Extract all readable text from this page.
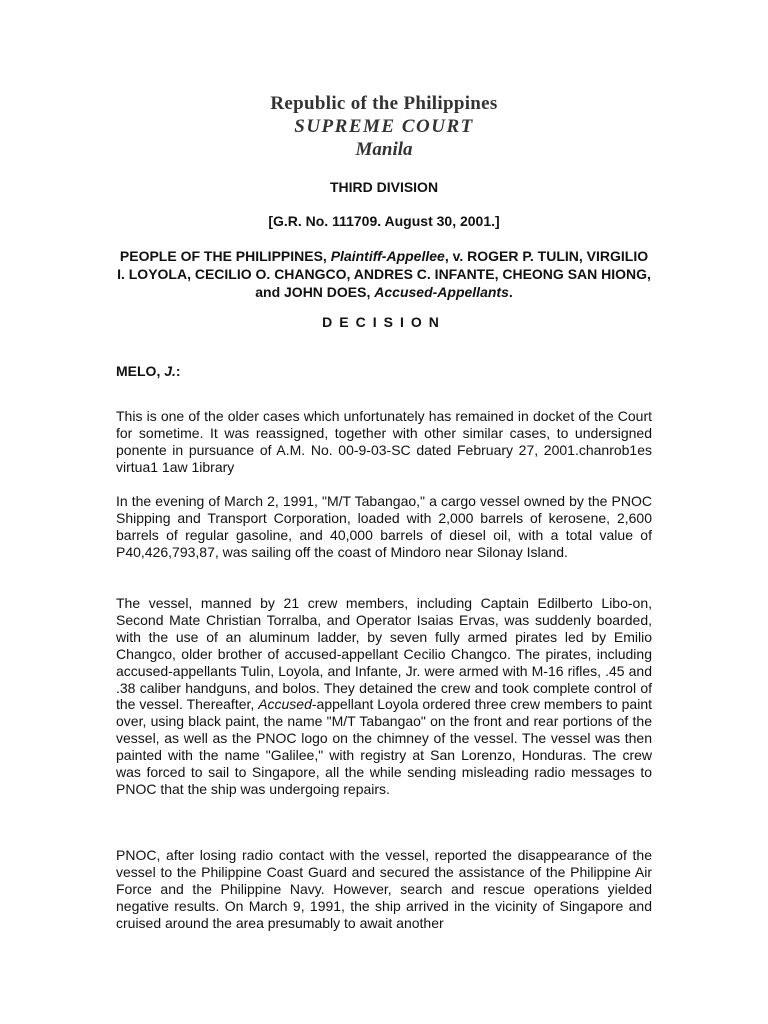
Republic of the Philippines
SUPREME COURT
Manila
THIRD DIVISION
[G.R. No. 111709. August 30, 2001.]
PEOPLE OF THE PHILIPPINES, Plaintiff-Appellee, v. ROGER P. TULIN, VIRGILIO I. LOYOLA, CECILIO O. CHANGCO, ANDRES C. INFANTE, CHEONG SAN HIONG, and JOHN DOES, Accused-Appellants.
DECISION
MELO, J.:
This is one of the older cases which unfortunately has remained in docket of the Court for sometime. It was reassigned, together with other similar cases, to undersigned ponente in pursuance of A.M. No. 00-9-03-SC dated February 27, 2001.chanrob1es virtua1 1aw 1ibrary
In the evening of March 2, 1991, "M/T Tabangao," a cargo vessel owned by the PNOC Shipping and Transport Corporation, loaded with 2,000 barrels of kerosene, 2,600 barrels of regular gasoline, and 40,000 barrels of diesel oil, with a total value of P40,426,793,87, was sailing off the coast of Mindoro near Silonay Island.
The vessel, manned by 21 crew members, including Captain Edilberto Libo-on, Second Mate Christian Torralba, and Operator Isaias Ervas, was suddenly boarded, with the use of an aluminum ladder, by seven fully armed pirates led by Emilio Changco, older brother of accused-appellant Cecilio Changco. The pirates, including accused-appellants Tulin, Loyola, and Infante, Jr. were armed with M-16 rifles, .45 and .38 caliber handguns, and bolos. They detained the crew and took complete control of the vessel. Thereafter, Accused-appellant Loyola ordered three crew members to paint over, using black paint, the name "M/T Tabangao" on the front and rear portions of the vessel, as well as the PNOC logo on the chimney of the vessel. The vessel was then painted with the name "Galilee," with registry at San Lorenzo, Honduras. The crew was forced to sail to Singapore, all the while sending misleading radio messages to PNOC that the ship was undergoing repairs.
PNOC, after losing radio contact with the vessel, reported the disappearance of the vessel to the Philippine Coast Guard and secured the assistance of the Philippine Air Force and the Philippine Navy. However, search and rescue operations yielded negative results. On March 9, 1991, the ship arrived in the vicinity of Singapore and cruised around the area presumably to await another
